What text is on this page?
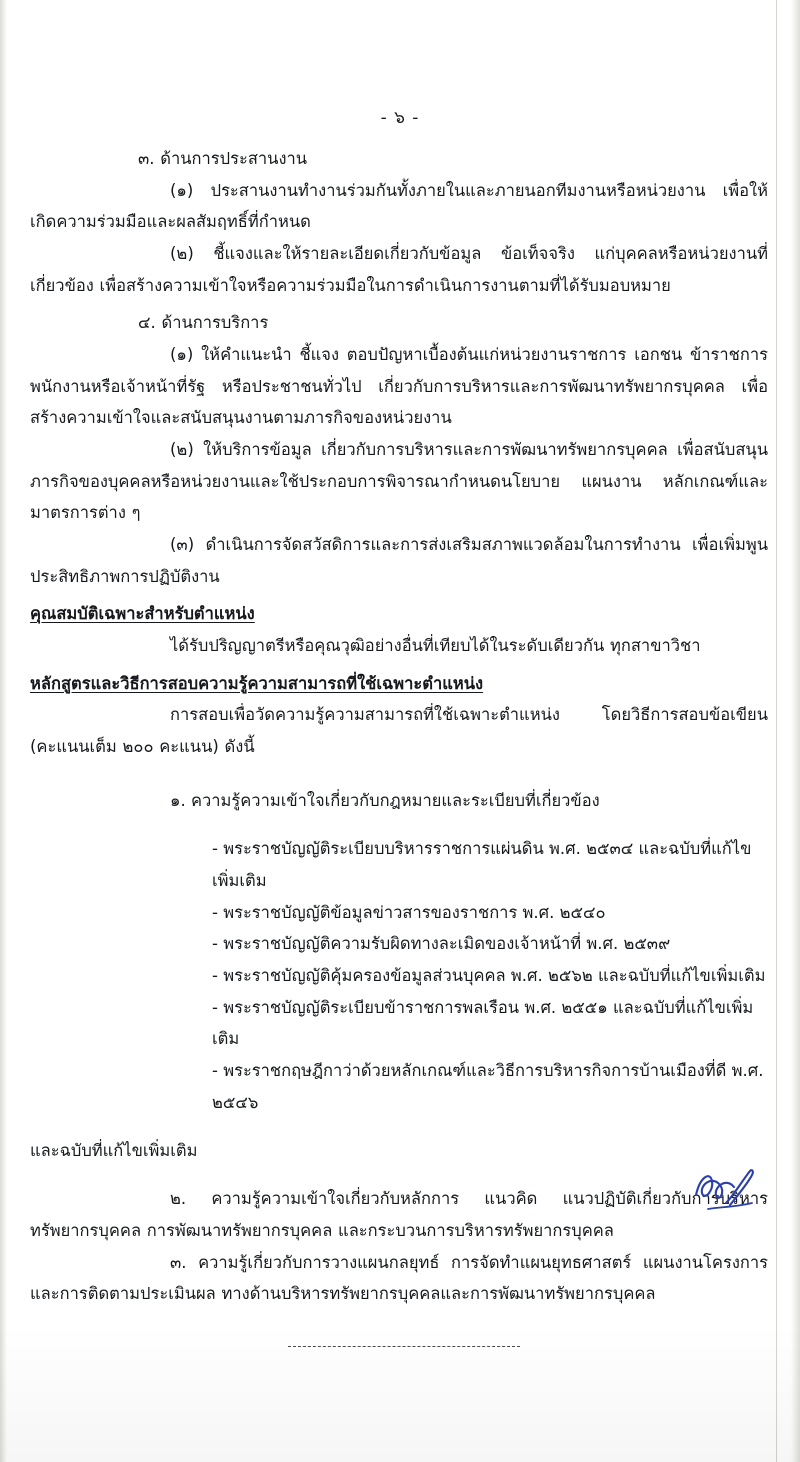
- ๖ -

๓. ด้านการประสานงาน

(๑) ประสานงานทำงานร่วมกันทั้งภายในและภายนอกทีมงานหรือหน่วยงาน เพื่อให้เกิดความร่วมมือและผลสัมฤทธิ์ที่กำหนด

(๒) ชี้แจงและให้รายละเอียดเกี่ยวกับข้อมูล ข้อเท็จจริง แก่บุคคลหรือหน่วยงานที่เกี่ยวข้อง เพื่อสร้างความเข้าใจหรือความร่วมมือในการดำเนินการงานตามที่ได้รับมอบหมาย

๔. ด้านการบริการ

(๑) ให้คำแนะนำ ชี้แจง ตอบปัญหาเบื้องต้นแก่หน่วยงานราชการ เอกชน ข้าราชการ พนักงานหรือเจ้าหน้าที่รัฐ หรือประชาชนทั่วไป เกี่ยวกับการบริหารและการพัฒนาทรัพยากรบุคคล เพื่อสร้างความเข้าใจและสนับสนุนงานตามภารกิจของหน่วยงาน

(๒) ให้บริการข้อมูล เกี่ยวกับการบริหารและการพัฒนาทรัพยากรบุคคล เพื่อสนับสนุนภารกิจของบุคคลหรือหน่วยงานและใช้ประกอบการพิจารณากำหนดนโยบาย แผนงาน หลักเกณฑ์และมาตรการต่าง ๆ

(๓) ดำเนินการจัดสวัสดิการและการส่งเสริมสภาพแวดล้อมในการทำงาน เพื่อเพิ่มพูนประสิทธิภาพการปฏิบัติงาน

คุณสมบัติเฉพาะสำหรับตำแหน่ง

ได้รับปริญญาตรีหรือคุณวุฒิอย่างอื่นที่เทียบได้ในระดับเดียวกัน ทุกสาขาวิชา

หลักสูตรและวิธีการสอบความรู้ความสามารถที่ใช้เฉพาะตำแหน่ง

การสอบเพื่อวัดความรู้ความสามารถที่ใช้เฉพาะตำแหน่ง โดยวิธีการสอบข้อเขียน (คะแนนเต็ม ๒๐๐ คะแนน) ดังนี้

๑. ความรู้ความเข้าใจเกี่ยวกับกฎหมายและระเบียบที่เกี่ยวข้อง

- พระราชบัญญัติระเบียบบริหารราชการแผ่นดิน พ.ศ. ๒๕๓๔ และฉบับที่แก้ไขเพิ่มเติม
- พระราชบัญญัติข้อมูลข่าวสารของราชการ พ.ศ. ๒๕๔๐
- พระราชบัญญัติความรับผิดทางละเมิดของเจ้าหน้าที่ พ.ศ. ๒๕๓๙
- พระราชบัญญัติคุ้มครองข้อมูลส่วนบุคคล พ.ศ. ๒๕๖๒ และฉบับที่แก้ไขเพิ่มเติม
- พระราชบัญญัติระเบียบข้าราชการพลเรือน พ.ศ. ๒๕๕๑ และฉบับที่แก้ไขเพิ่มเติม
- พระราชกฤษฎีกาว่าด้วยหลักเกณฑ์และวิธีการบริหารกิจการบ้านเมืองที่ดี พ.ศ. ๒๕๔๖

และฉบับที่แก้ไขเพิ่มเติม

๒. ความรู้ความเข้าใจเกี่ยวกับหลักการ แนวคิด แนวปฏิบัติเกี่ยวกับการบริหารทรัพยากรบุคคล การพัฒนาทรัพยากรบุคคล และกระบวนการบริหารทรัพยากรบุคคล

๓. ความรู้เกี่ยวกับการวางแผนกลยุทธ์ การจัดทำแผนยุทธศาสตร์ แผนงานโครงการ และการติดตามประเมินผล ทางด้านบริหารทรัพยากรบุคคลและการพัฒนาทรัพยากรบุคคล
